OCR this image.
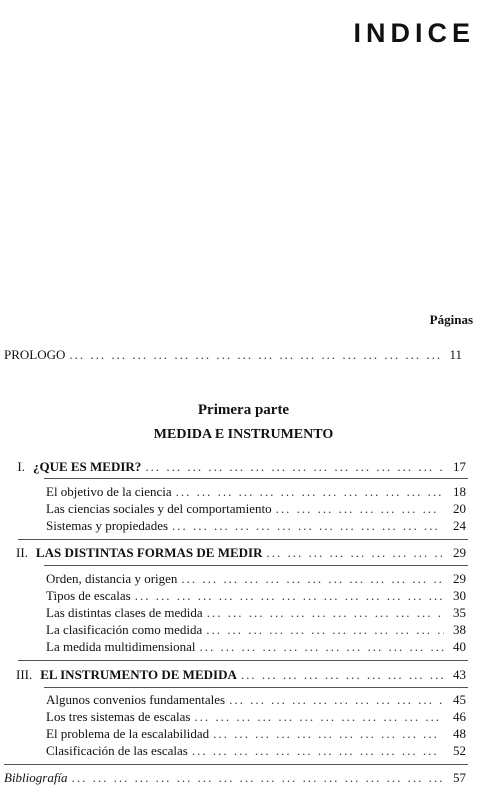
INDICE
Páginas
PROLOGO ... .	11
Primera parte
MEDIDA E INSTRUMENTO
I. ¿QUE ES MEDIR? ... .	17
El objetivo de la ciencia ... .	18
Las ciencias sociales y del comportamiento ... .	20
Sistemas y propiedades ... .	24
II. LAS DISTINTAS FORMAS DE MEDIR ... .	29
Orden, distancia y origen ... .	29
Tipos de escalas ... .	30
Las distintas clases de medida ... .	35
La clasificación como medida ... .	38
La medida multidimensional ... .	40
III. EL INSTRUMENTO DE MEDIDA ... .	43
Algunos convenios fundamentales ... .	45
Los tres sistemas de escalas ... .	46
El problema de la escalabilidad ... .	48
Clasificación de las escalas ... .	52
Bibliografía ... .	57
